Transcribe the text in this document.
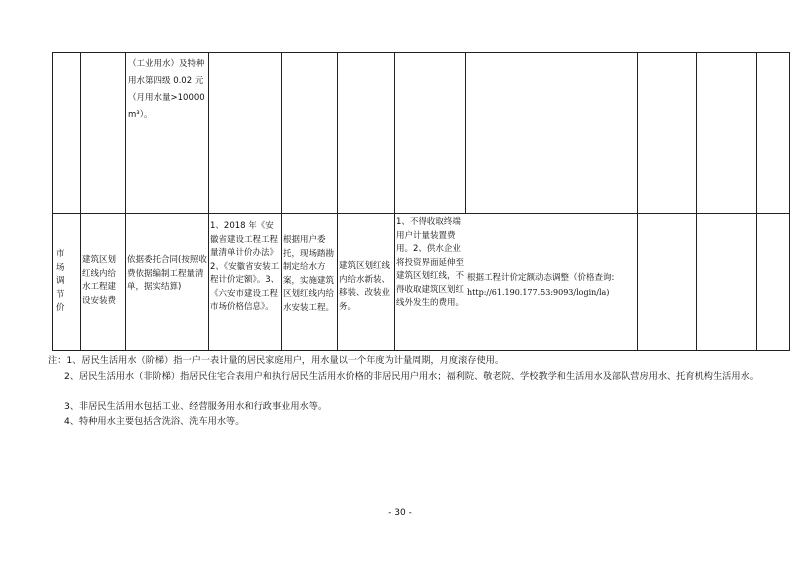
（工业用水）及特种用水第四级 0.02 元（月用水量>10000 m³）。
市场调节价
建筑区划红线内给水工程建设安装费
依据委托合同(按照收费依据编制工程量清单，据实结算)
1、2018 年《安徽省建设工程工程量清单计价办法》2、《安徽省安装工程计价定额》。3、《六安市建设工程市场价格信息》。
根据用户委托，现场踏勘制定给水方案，实施建筑区划红线内给水安装工程。
建筑区划红线内给水新装、移装、改装业务。
1、不得收取终端用户计量装置费用。2、供水企业将投资界面延伸至建筑区划红线，不得收取建筑区划红线外发生的费用。
根据工程计价定额动态调整（价格查询: http://61.190.177.53:9093/login/la)
注：1、居民生活用水（阶梯）指一户一表计量的居民家庭用户，用水量以一个年度为计量周期，月度滚存使用。
2、居民生活用水（非阶梯）指居民住宅合表用户和执行居民生活用水价格的非居民用户用水；福利院、敬老院、学校教学和生活用水及部队营房用水、托育机构生活用水。
3、非居民生活用水包括工业、经营服务用水和行政事业用水等。
4、特种用水主要包括含洗浴、洗车用水等。
- 30 -
